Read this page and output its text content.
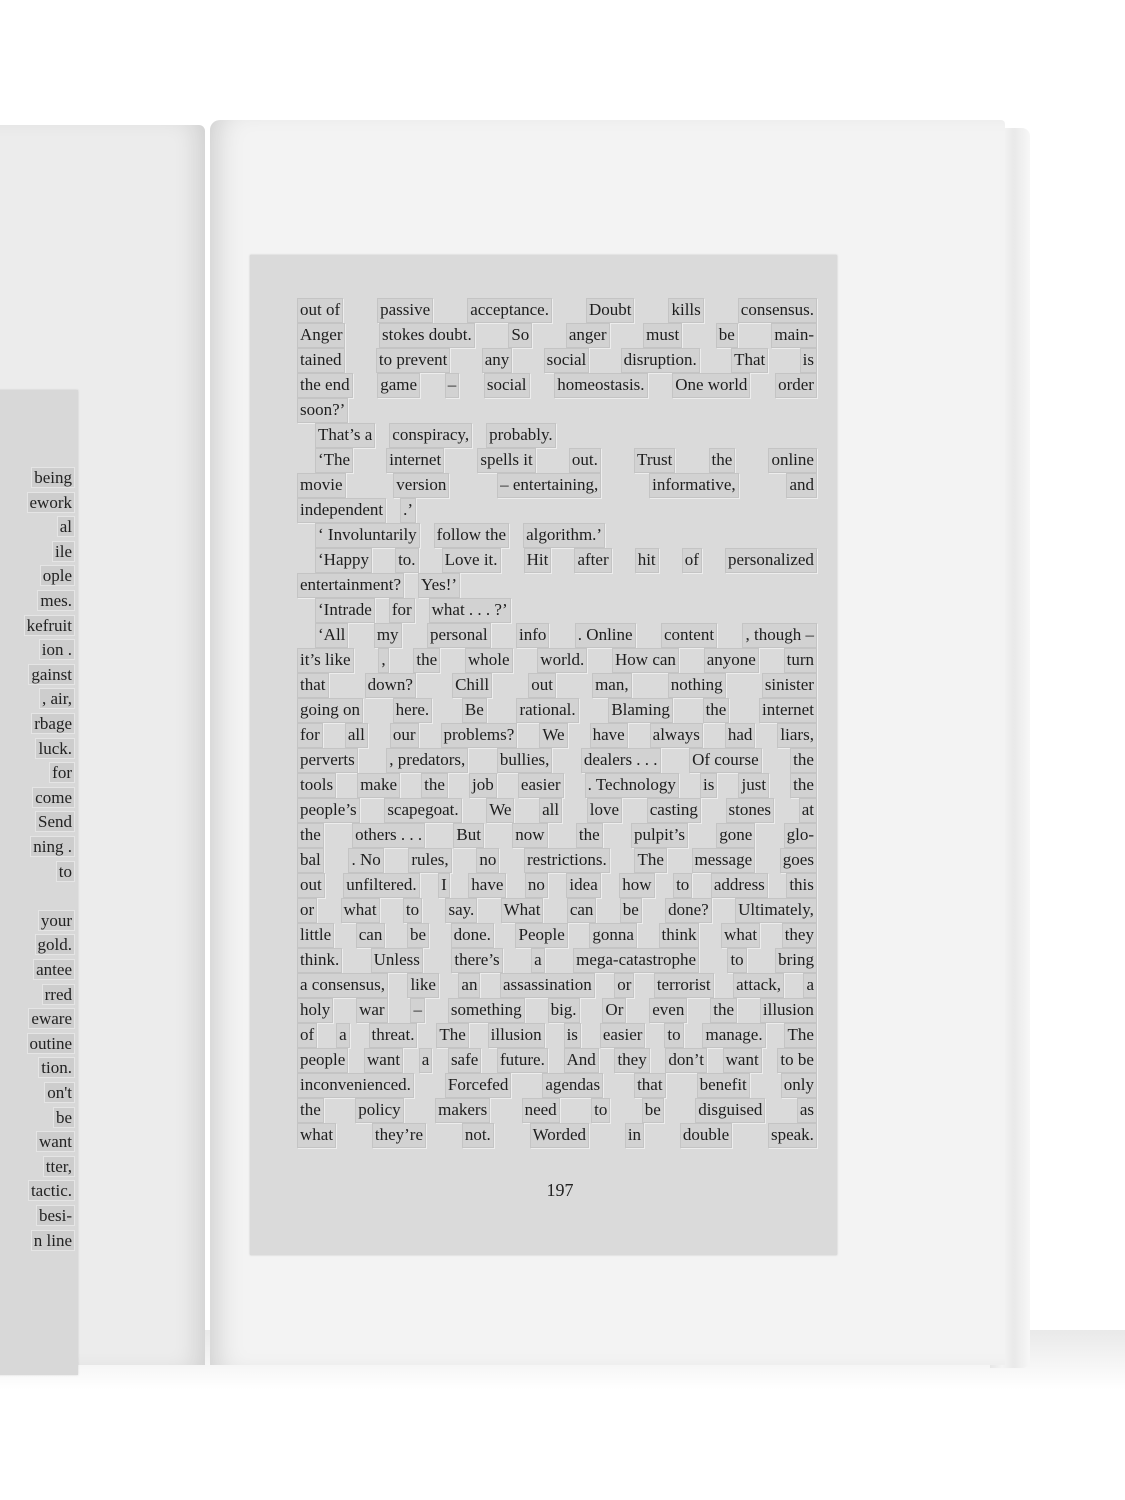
being
ework
al
ile
ople
mes.
kefruit
ion .
gainst
, air,
rbage
luck.
for
come
Send
ning .
to
your
gold.
antee
rred
eware
outine
tion.
on't
be
want
tter,
tactic.
besi-
n line
out of passive acceptance. Doubt kills consensus.
Anger stokes doubt. So anger must be main-
tained to prevent any social disruption. That is
the end game – social homeostasis. One world order
soon?’
That’s a conspiracy, probably.
‘The internet spells it out. Trust the online
movie	version	– entertaining,	informative,	and
independent .’
‘ Involuntarily follow the algorithm.’
‘Happy to. Love it. Hit after hit of personalized
entertainment? Yes!’
‘Intrade for what . . . ?’
‘All my personal info . Online content , though –
it’s like , the whole world. How can anyone turn
that down? Chill out man, nothing sinister
going on here. Be rational. Blaming the internet
for all our problems? We have always had liars,
perverts , predators, bullies, dealers . . . Of course the
tools make the job easier . Technology is just the
people’s scapegoat. We all love casting stones at
the others . . . But now the pulpit’s gone glo-
bal . No rules, no restrictions. The message goes
out unfiltered. I have no idea how to address this
or what to say. What can be done? Ultimately,
little can be done. People gonna think what they
think. Unless there’s a mega-catastrophe to bring
a consensus, like an assassination or terrorist attack, a
holy war – something big. Or even the illusion
of a threat. The illusion is easier to manage. The
people want a safe future. And they don’t want to be
inconvenienced. Forcefed agendas that benefit only
the policy makers need to be disguised as
what they’re not. Worded in double speak.
197
